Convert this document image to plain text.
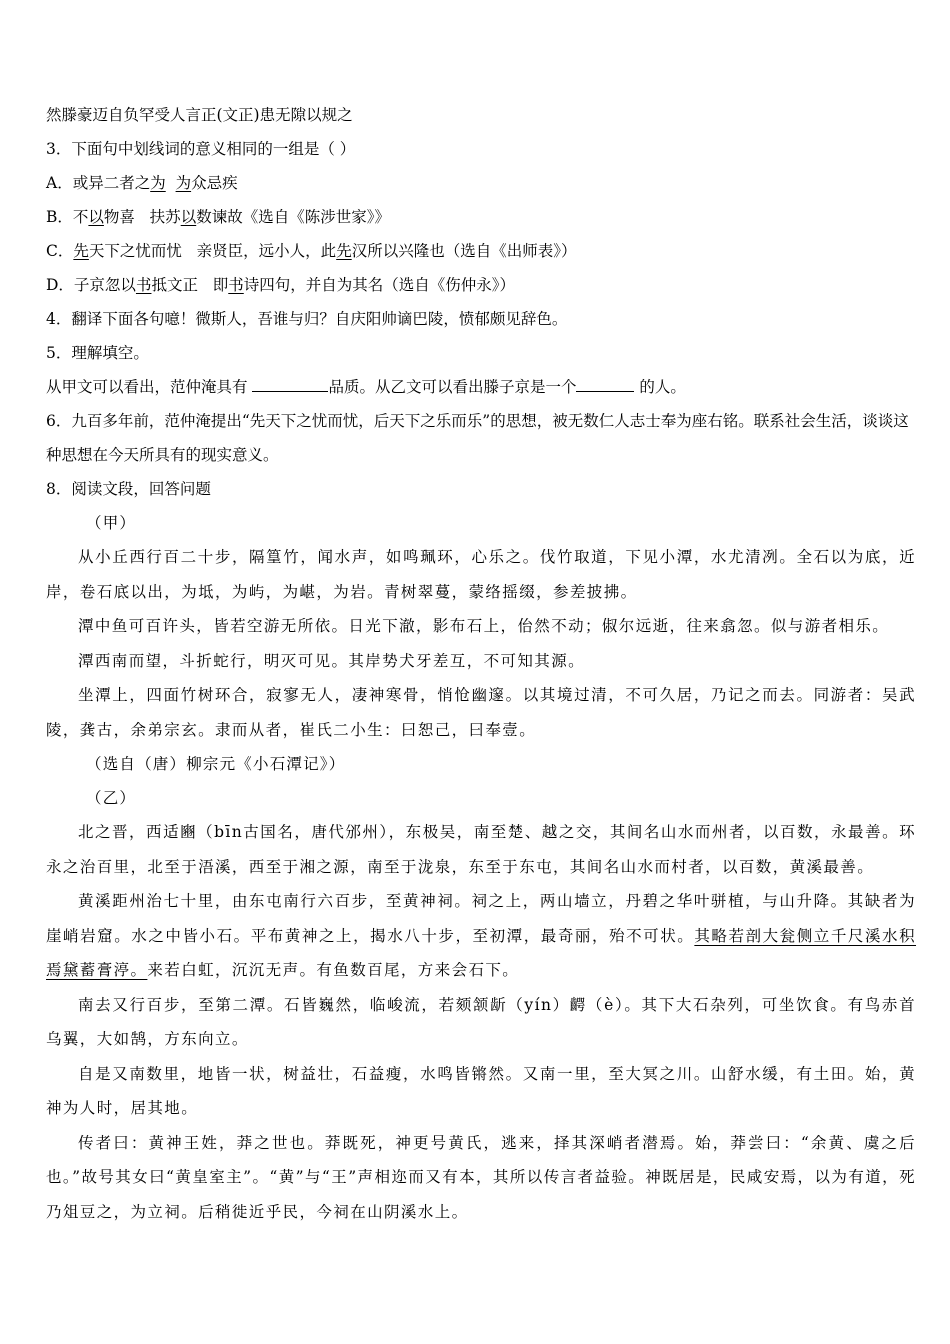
然滕豪迈自负罕受人言正(文正)患无隙以规之
3．下面句中划线词的意义相同的一组是（ ）
A．或异二者之为 为众忌疾
B．不以物喜   扶苏以数谏故《选自《陈涉世家》》
C．先天下之忧而忧   亲贤臣，远小人，此先汉所以兴隆也（选自《出师表》）
D．子京忽以书抵文正   即书诗四句，并自为其名（选自《伤仲永》）
4．翻译下面各句噫！微斯人，吾谁与归？自庆阳帅谪巴陵，愤郁颇见辞色。
5．理解填空。
从甲文可以看出，范仲淹具有	品质。从乙文可以看出滕子京是一个	的人。
6．九百多年前，范仲淹提出“先天下之忧而忧，后天下之乐而乐”的思想，被无数仁人志士奉为座右铭。联系社会生活，谈谈这种思想在今天所具有的现实意义。
8．阅读文段，回答问题
（甲）

从小丘西行百二十步，隔篁竹，闻水声，如鸣珮环，心乐之。伐竹取道，下见小潭，水尤清冽。全石以为底，近岸，卷石底以出，为坻，为屿，为嵁，为岩。青树翠蔓，蒙络摇缀，参差披拂。

潭中鱼可百许头，皆若空游无所依。日光下澈，影布石上，佁然不动；俶尔远逝，往来翕忽。似与游者相乐。

潭西南而望，斗折蛇行，明灭可见。其岸势犬牙差互，不可知其源。

坐潭上，四面竹树环合，寂寥无人，凄神寒骨，悄怆幽邃。以其境过清，不可久居，乃记之而去。同游者：吴武陵，龚古，余弟宗玄。隶而从者，崔氏二小生：曰恕己，曰奉壹。

（选自（唐）柳宗元《小石潭记》）
（乙）

北之晋，西适豳（bīn古国名，唐代邠州），东极吴，南至楚、越之交，其间名山水而州者，以百数，永最善。环永之治百里，北至于浯溪，西至于湘之源，南至于泷泉，东至于东屯，其间名山水而村者，以百数，黄溪最善。

黄溪距州治七十里，由东屯南行六百步，至黄神祠。祠之上，两山墙立，丹碧之华叶骈植，与山升降。其缺者为崖峭岩窟。水之中皆小石。平布黄神之上，揭水八十步，至初潭，最奇丽，殆不可状。其略若剖大瓮侧立千尺溪水积焉黛蓄膏渟。来若白虹，沉沉无声。有鱼数百尾，方来会石下。

南去又行百步，至第二潭。石皆巍然，临峻流，若颏颔龂（yín）齶（è）。其下大石杂列，可坐饮食。有鸟赤首乌翼，大如鹄，方东向立。

自是又南数里，地皆一状，树益壮，石益瘦，水鸣皆锵然。又南一里，至大冥之川。山舒水缓，有土田。始，黄神为人时，居其地。

传者曰：黄神王姓，莽之世也。莽既死，神更号黄氏，逃来，择其深峭者潜焉。始，莽尝曰：“余黄、虞之后也。”故号其女曰“黄皇室主”。“黄”与“王”声相迩而又有本，其所以传言者益验。神既居是，民咸安焉，以为有道，死乃俎豆之，为立祠。后稍徙近乎民，今祠在山阴溪水上。
